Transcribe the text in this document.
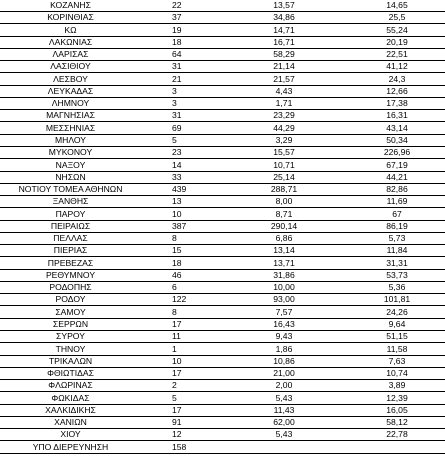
ΚΟΖΑΝΗΣ	22	13,57	14,65
ΚΟΡΙΝΘΙΑΣ	37	34,86	25,5
ΚΩ	19	14,71	55,24
ΛΑΚΩΝΙΑΣ	18	16,71	20,19
ΛΑΡΙΣΑΣ	64	58,29	22,51
ΛΑΣΙΘΙΟΥ	31	21,14	41,12
ΛΕΣΒΟΥ	21	21,57	24,3
ΛΕΥΚΑΔΑΣ	3	4,43	12,66
ΛΗΜΝΟΥ	3	1,71	17,38
ΜΑΓΝΗΣΙΑΣ	31	23,29	16,31
ΜΕΣΣΗΝΙΑΣ	69	44,29	43,14
ΜΗΛΟΥ	5	3,29	50,34
ΜΥΚΟΝΟΥ	23	15,57	226,96
ΝΑΞΟΥ	14	10,71	67,19
ΝΗΣΩΝ	33	25,14	44,21
ΝΟΤΙΟΥ ΤΟΜΕΑ ΑΘΗΝΩΝ	439	288,71	82,86
ΞΑΝΘΗΣ	13	8,00	11,69
ΠΑΡΟΥ	10	8,71	67
ΠΕΙΡΑΙΩΣ	387	290,14	86,19
ΠΕΛΛΑΣ	8	6,86	5,73
ΠΙΕΡΙΑΣ	15	13,14	11,84
ΠΡΕΒΕΖΑΣ	18	13,71	31,31
ΡΕΘΥΜΝΟΥ	46	31,86	53,73
ΡΟΔΟΠΗΣ	6	10,00	5,36
ΡΟΔΟΥ	122	93,00	101,81
ΣΑΜΟΥ	8	7,57	24,26
ΣΕΡΡΩΝ	17	16,43	9,64
ΣΥΡΟΥ	11	9,43	51,15
ΤΗΝΟΥ	1	1,86	11,58
ΤΡΙΚΑΛΩΝ	10	10,86	7,63
ΦΘΙΩΤΙΔΑΣ	17	21,00	10,74
ΦΛΩΡΙΝΑΣ	2	2,00	3,89
ΦΩΚΙΔΑΣ	5	5,43	12,39
ΧΑΛΚΙΔΙΚΗΣ	17	11,43	16,05
ΧΑΝΙΩΝ	91	62,00	58,12
ΧΙΟΥ	12	5,43	22,78
ΥΠΟ ΔΙΕΡΕΥΝΗΣΗ	158
